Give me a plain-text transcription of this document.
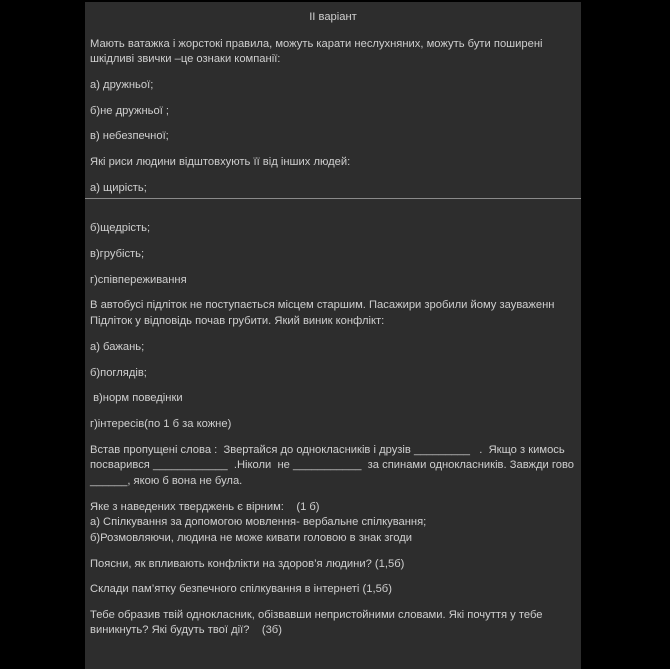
II варіант
Мають ватажка і жорстокі правила, можуть карати неслухняних, можуть бути поширені
шкідливі звички –це ознаки компанії:
а) дружньої;
б)не дружньої ;
в) небезпечної;
Які риси людини відштовхують її від інших людей:
а) щирість;
б)щедрість;
в)грубість;
г)співпереживання
В автобусі підліток не поступається місцем старшим. Пасажири зробили йому зауваженн
Підліток у відповідь почав грубити. Який виник конфлікт:
а) бажань;
б)поглядів;
в)норм поведінки
г)інтересів(по 1 б за кожне)
Встав пропущені слова :  Звертайся до однокласників і друзів _________   .  Якщо з кимось
посварився ____________  .Ніколи  не ___________  за спинами однокласників. Завжди гово
______, якою б вона не була.
Яке з наведених тверджень є вірним:    (1 б)
а) Спілкування за допомогою мовлення- вербальне спілкування;
б)Розмовляючи, людина не може кивати головою в знак згоди
Поясни, як впливають конфлікти на здоров’я людини? (1,5б)
Склади пам’ятку безпечного спілкування в інтернеті (1,5б)
Тебе образив твій однокласник, обізвавши непристойними словами. Які почуття у тебе
виникнуть? Які будуть твої дії?    (3б)
